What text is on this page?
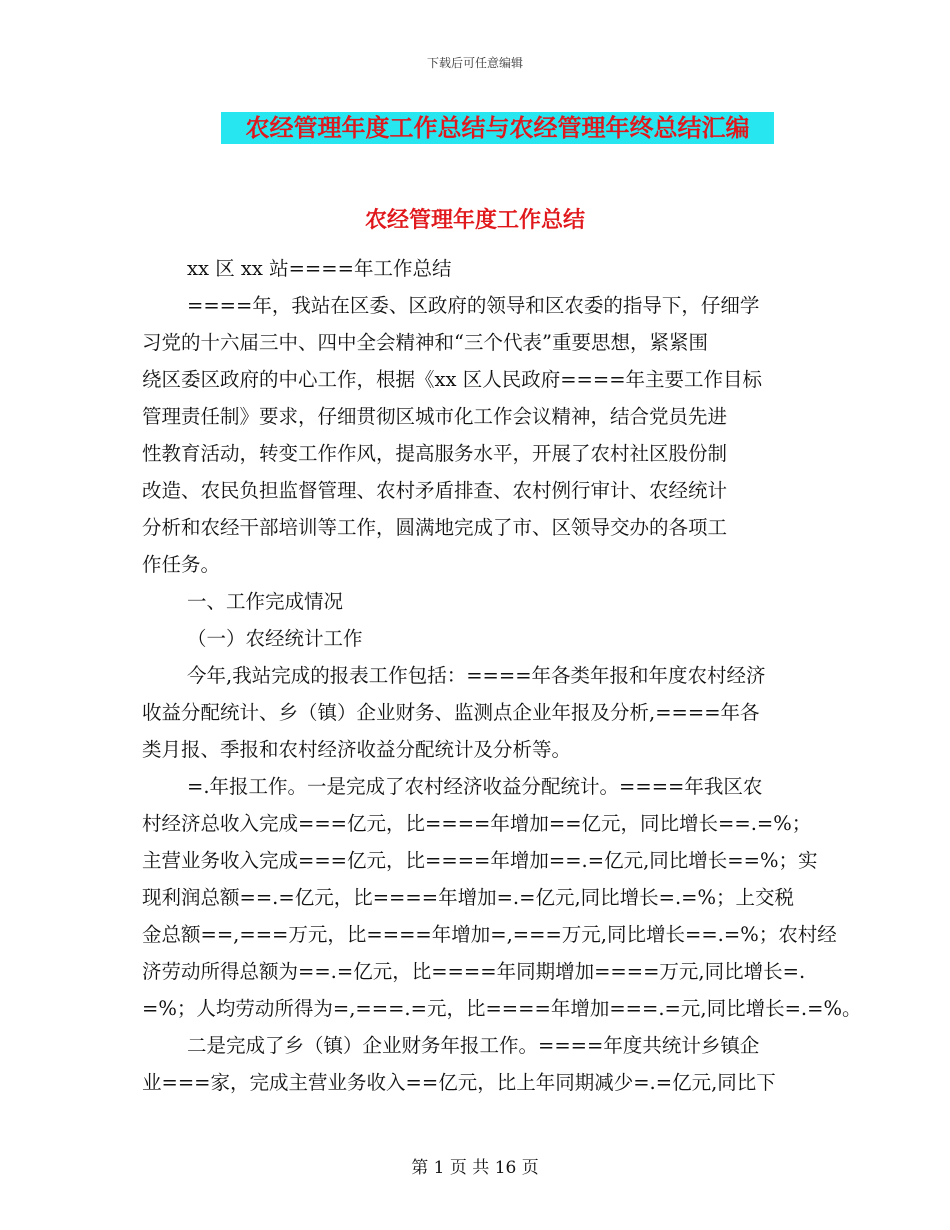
下载后可任意编辑
农经管理年度工作总结与农经管理年终总结汇编
农经管理年度工作总结
xx 区 xx 站====年工作总结
====年，我站在区委、区政府的领导和区农委的指导下，仔细学
习党的十六届三中、四中全会精神和“三个代表”重要思想，紧紧围
绕区委区政府的中心工作，根据《xx 区人民政府====年主要工作目标
管理责任制》要求，仔细贯彻区城市化工作会议精神，结合党员先进
性教育活动，转变工作作风，提高服务水平，开展了农村社区股份制
改造、农民负担监督管理、农村矛盾排查、农村例行审计、农经统计
分析和农经干部培训等工作，圆满地完成了市、区领导交办的各项工
作任务。
一、工作完成情况
（一）农经统计工作
今年,我站完成的报表工作包括：====年各类年报和年度农村经济
收益分配统计、乡（镇）企业财务、监测点企业年报及分析,====年各
类月报、季报和农村经济收益分配统计及分析等。
=.年报工作。一是完成了农村经济收益分配统计。====年我区农
村经济总收入完成===亿元，比====年增加==亿元，同比增长==.=%；
主营业务收入完成===亿元，比====年增加==.=亿元,同比增长==%；实
现利润总额==.=亿元，比====年增加=.=亿元,同比增长=.=%；上交税
金总额==,===万元，比====年增加=,===万元,同比增长==.=%；农村经
济劳动所得总额为==.=亿元，比====年同期增加====万元,同比增长=.
=%；人均劳动所得为=,===.=元，比====年增加===.=元,同比增长=.=%。
二是完成了乡（镇）企业财务年报工作。====年度共统计乡镇企
业===家，完成主营业务收入==亿元，比上年同期减少=.=亿元,同比下
第 1 页 共 16 页
